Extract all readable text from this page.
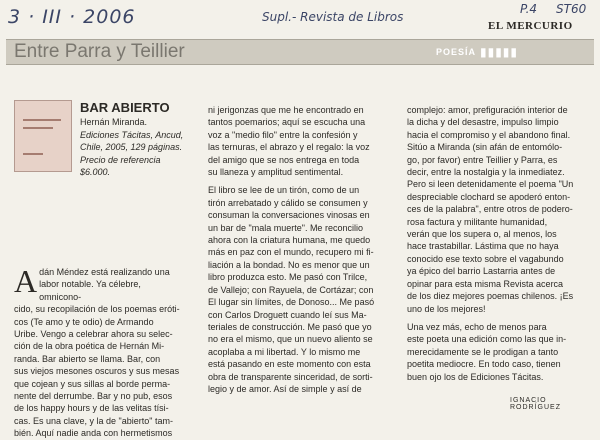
3 · III · 2006	Supl.- Revista de Libros
P.4 ST60
EL MERCURIO
Entre Parra y Teillier	POESÍA ▮▮▮▮▮
BAR ABIERTO
Hernán Miranda.
Ediciones Tácitas, Ancud,
Chile, 2005, 129 páginas.
Precio de referencia
$6.000.
A dán Méndez está realizando una
labor notable. Ya célebre, omnicono-
cido, su recopilación de los poemas eróti-
cos (Te amo y te odio) de Armando
Uribe. Vengo a celebrar ahora su selec-
ción de la obra poética de Hernán Mi-
randa. Bar abierto se llama. Bar, con
sus viejos mesones oscuros y sus mesas
que cojean y sus sillas al borde perma-
nente del derrumbe. Bar y no pub, esos
de los happy hours y de las velitas tísi-
cas. Es una clave, y la de "abierto" tam-
bién. Aquí nadie anda con hermetismos

ni jerigonzas que me he encontrado en
tantos poemarios; aquí se escucha una
voz a "medio filo" entre la confesión y
las ternuras, el abrazo y el regalo: la voz
del amigo que se nos entrega en toda
su llaneza y amplitud sentimental.

El libro se lee de un tirón, como de un
tirón arrebatado y cálido se consumen y
consuman la conversaciones vinosas en
un bar de "mala muerte". Me reconcilio
ahora con la criatura humana, me quedo
más en paz con el mundo, recupero mi fi-
liación a la bondad. No es menor que un
libro produzca esto. Me pasó con Trilce,
de Vallejo; con Rayuela, de Cortázar; con
El lugar sin límites, de Donoso... Me pasó
con Carlos Droguett cuando leí sus Ma-
teriales de construcción. Me pasó que yo
no era el mismo, que un nuevo aliento se
acoplaba a mi libertad. Y lo mismo me
está pasando en este momento con esta
obra de transparente sinceridad, de sorti-
legio y de amor. Así de simple y así de

complejo: amor, prefiguración interior de
la dicha y del desastre, impulso limpio
hacia el compromiso y el abandono final.
Sitúo a Miranda (sin afán de entomólo-
go, por favor) entre Teillier y Parra, es
decir, entre la nostalgia y la inmediatez.
Pero si leen detenidamente el poema "Un
despreciable clochard se apoderó enton-
ces de la palabra", entre otros de podero-
rosa factura y militante humanidad,
verán que los supera o, al menos, los
hace trastabillar. Lástima que no haya
conocido ese texto sobre el vagabundo
ya épico del barrio Lastarria antes de
opinar para esta misma Revista acerca
de los diez mejores poemas chilenos. ¡Es
uno de los mejores!

Una vez más, echo de menos para
este poeta una edición como las que in-
merecidamente se le prodigan a tanto
poetita mediocre. En todo caso, tienen
buen ojo los de Ediciones Tácitas.

IGNACIO RODRÍGUEZ
